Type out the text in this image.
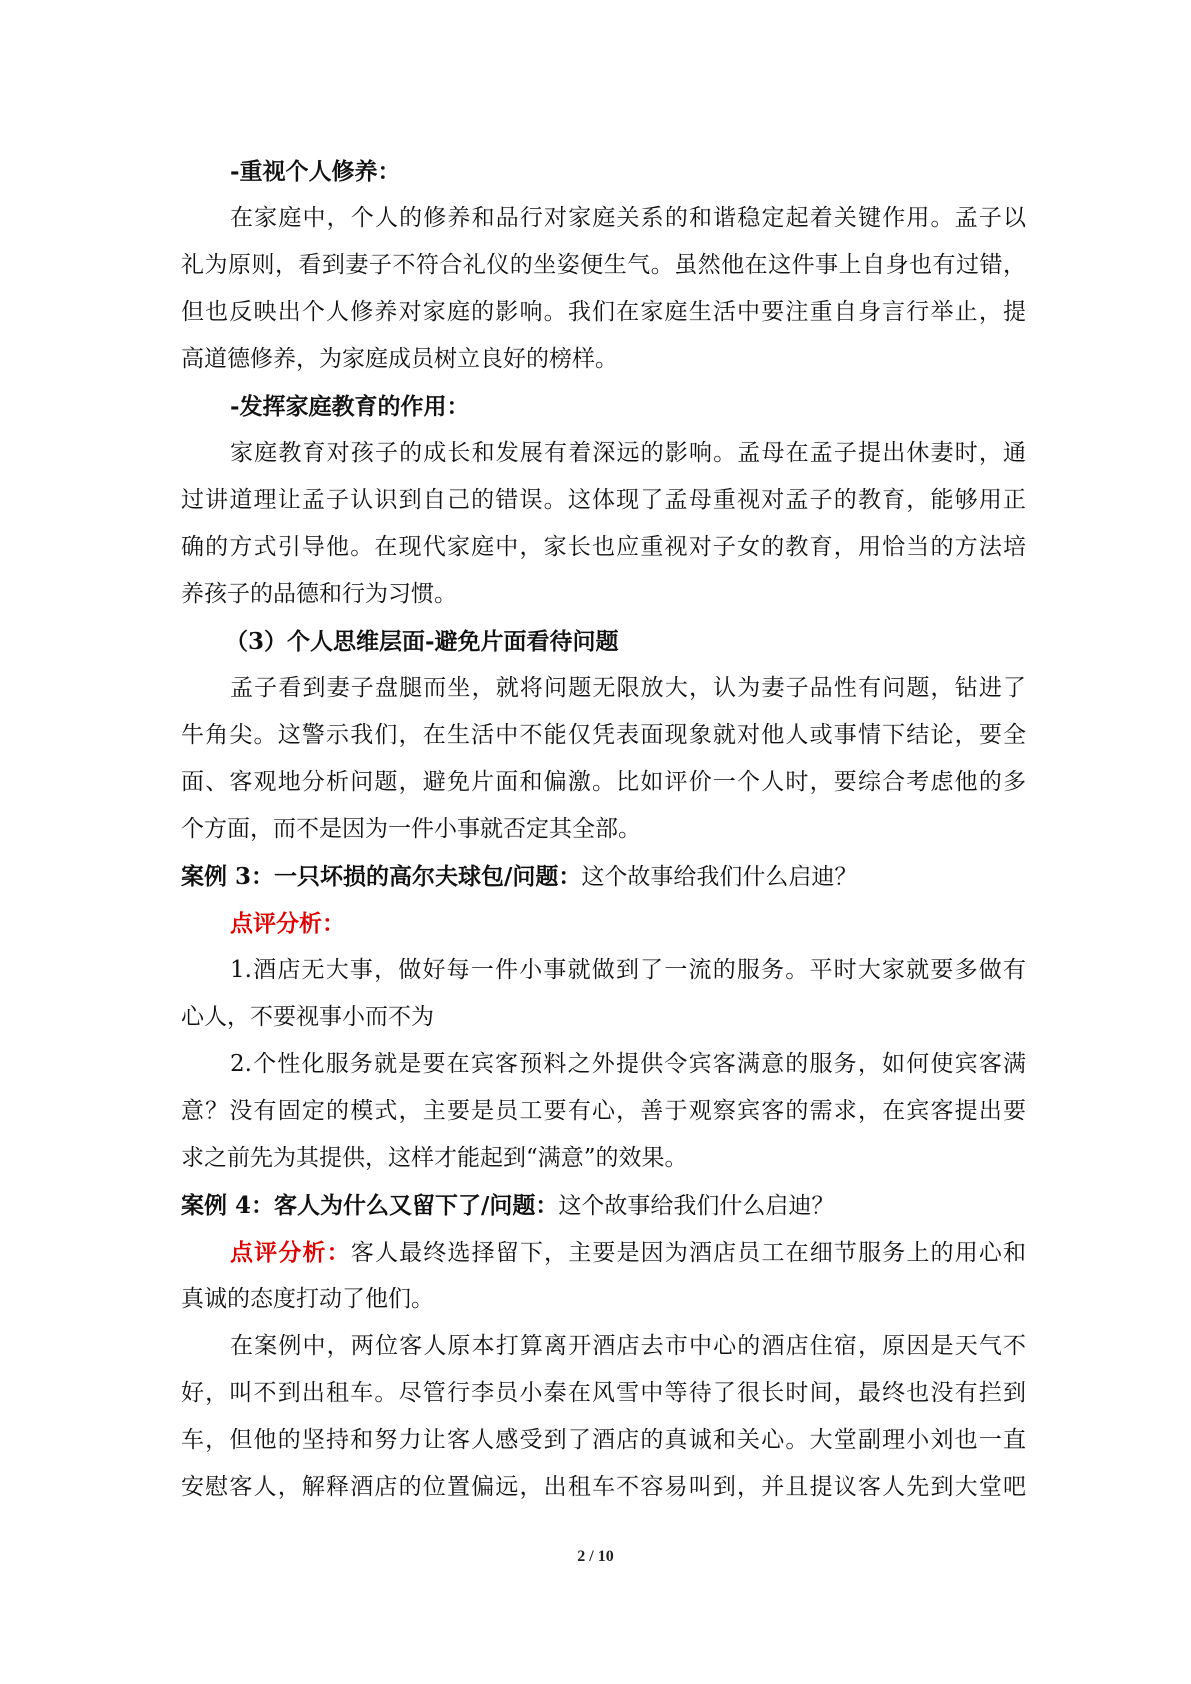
-重视个人修养：
在家庭中，个人的修养和品行对家庭关系的和谐稳定起着关键作用。孟子以
礼为原则，看到妻子不符合礼仪的坐姿便生气。虽然他在这件事上自身也有过错，
但也反映出个人修养对家庭的影响。我们在家庭生活中要注重自身言行举止，提
高道德修养，为家庭成员树立良好的榜样。
-发挥家庭教育的作用：
家庭教育对孩子的成长和发展有着深远的影响。孟母在孟子提出休妻时，通
过讲道理让孟子认识到自己的错误。这体现了孟母重视对孟子的教育，能够用正
确的方式引导他。在现代家庭中，家长也应重视对子女的教育，用恰当的方法培
养孩子的品德和行为习惯。
（3）个人思维层面-避免片面看待问题
孟子看到妻子盘腿而坐，就将问题无限放大，认为妻子品性有问题，钻进了
牛角尖。这警示我们，在生活中不能仅凭表面现象就对他人或事情下结论，要全
面、客观地分析问题，避免片面和偏激。比如评价一个人时，要综合考虑他的多
个方面，而不是因为一件小事就否定其全部。
案例 3：一只坏损的高尔夫球包/问题：这个故事给我们什么启迪？
点评分析：
1.酒店无大事，做好每一件小事就做到了一流的服务。平时大家就要多做有
心人，不要视事小而不为
2.个性化服务就是要在宾客预料之外提供令宾客满意的服务，如何使宾客满
意？没有固定的模式，主要是员工要有心，善于观察宾客的需求，在宾客提出要
求之前先为其提供，这样才能起到“满意”的效果。
案例 4：客人为什么又留下了/问题：这个故事给我们什么启迪？
点评分析：客人最终选择留下，主要是因为酒店员工在细节服务上的用心和
真诚的态度打动了他们。
在案例中，两位客人原本打算离开酒店去市中心的酒店住宿，原因是天气不
好，叫不到出租车。尽管行李员小秦在风雪中等待了很长时间，最终也没有拦到
车，但他的坚持和努力让客人感受到了酒店的真诚和关心。大堂副理小刘也一直
安慰客人，解释酒店的位置偏远，出租车不容易叫到，并且提议客人先到大堂吧
2 / 10
